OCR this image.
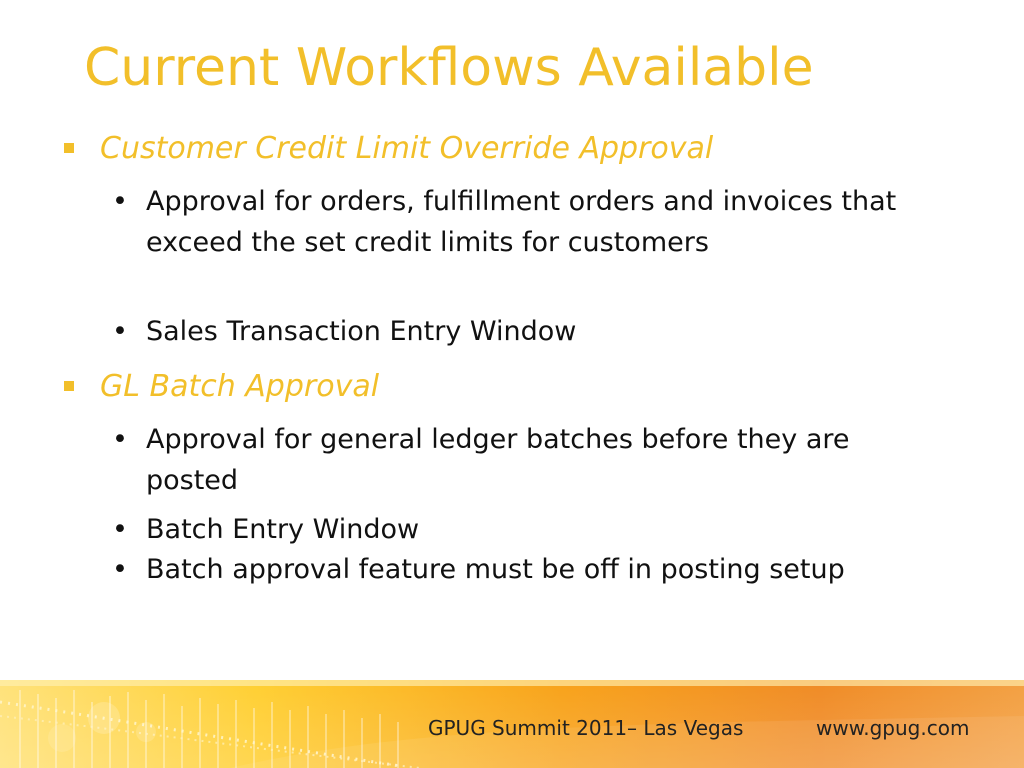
Current Workflows Available
Customer Credit Limit Override Approval
• Approval for orders, fulfillment orders and invoices that exceed the set credit limits for customers
• Sales Transaction Entry Window
GL Batch Approval
• Approval for general ledger batches before they are posted
• Batch Entry Window
• Batch approval feature must be off in posting setup
GPUG Summit 2011– Las Vegas	www.gpug.com
